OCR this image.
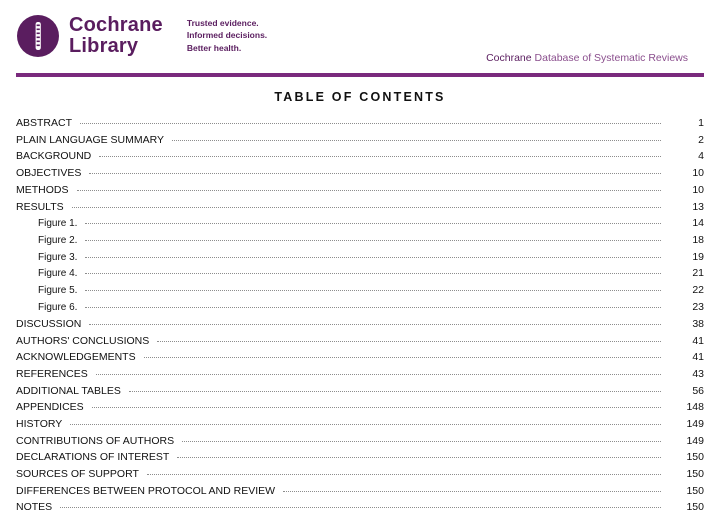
Cochrane
Library
Trusted evidence.
Informed decisions.
Better health.
Cochrane Database of Systematic Reviews
TABLE OF CONTENTS
ABSTRACT	1
PLAIN LANGUAGE SUMMARY	2
BACKGROUND	4
OBJECTIVES	10
METHODS	10
RESULTS	13
Figure 1.	14
Figure 2.	18
Figure 3.	19
Figure 4.	21
Figure 5.	22
Figure 6.	23
DISCUSSION	38
AUTHORS' CONCLUSIONS	41
ACKNOWLEDGEMENTS	41
REFERENCES	43
ADDITIONAL TABLES	56
APPENDICES	148
HISTORY	149
CONTRIBUTIONS OF AUTHORS	149
DECLARATIONS OF INTEREST	150
SOURCES OF SUPPORT	150
DIFFERENCES BETWEEN PROTOCOL AND REVIEW	150
NOTES	150
